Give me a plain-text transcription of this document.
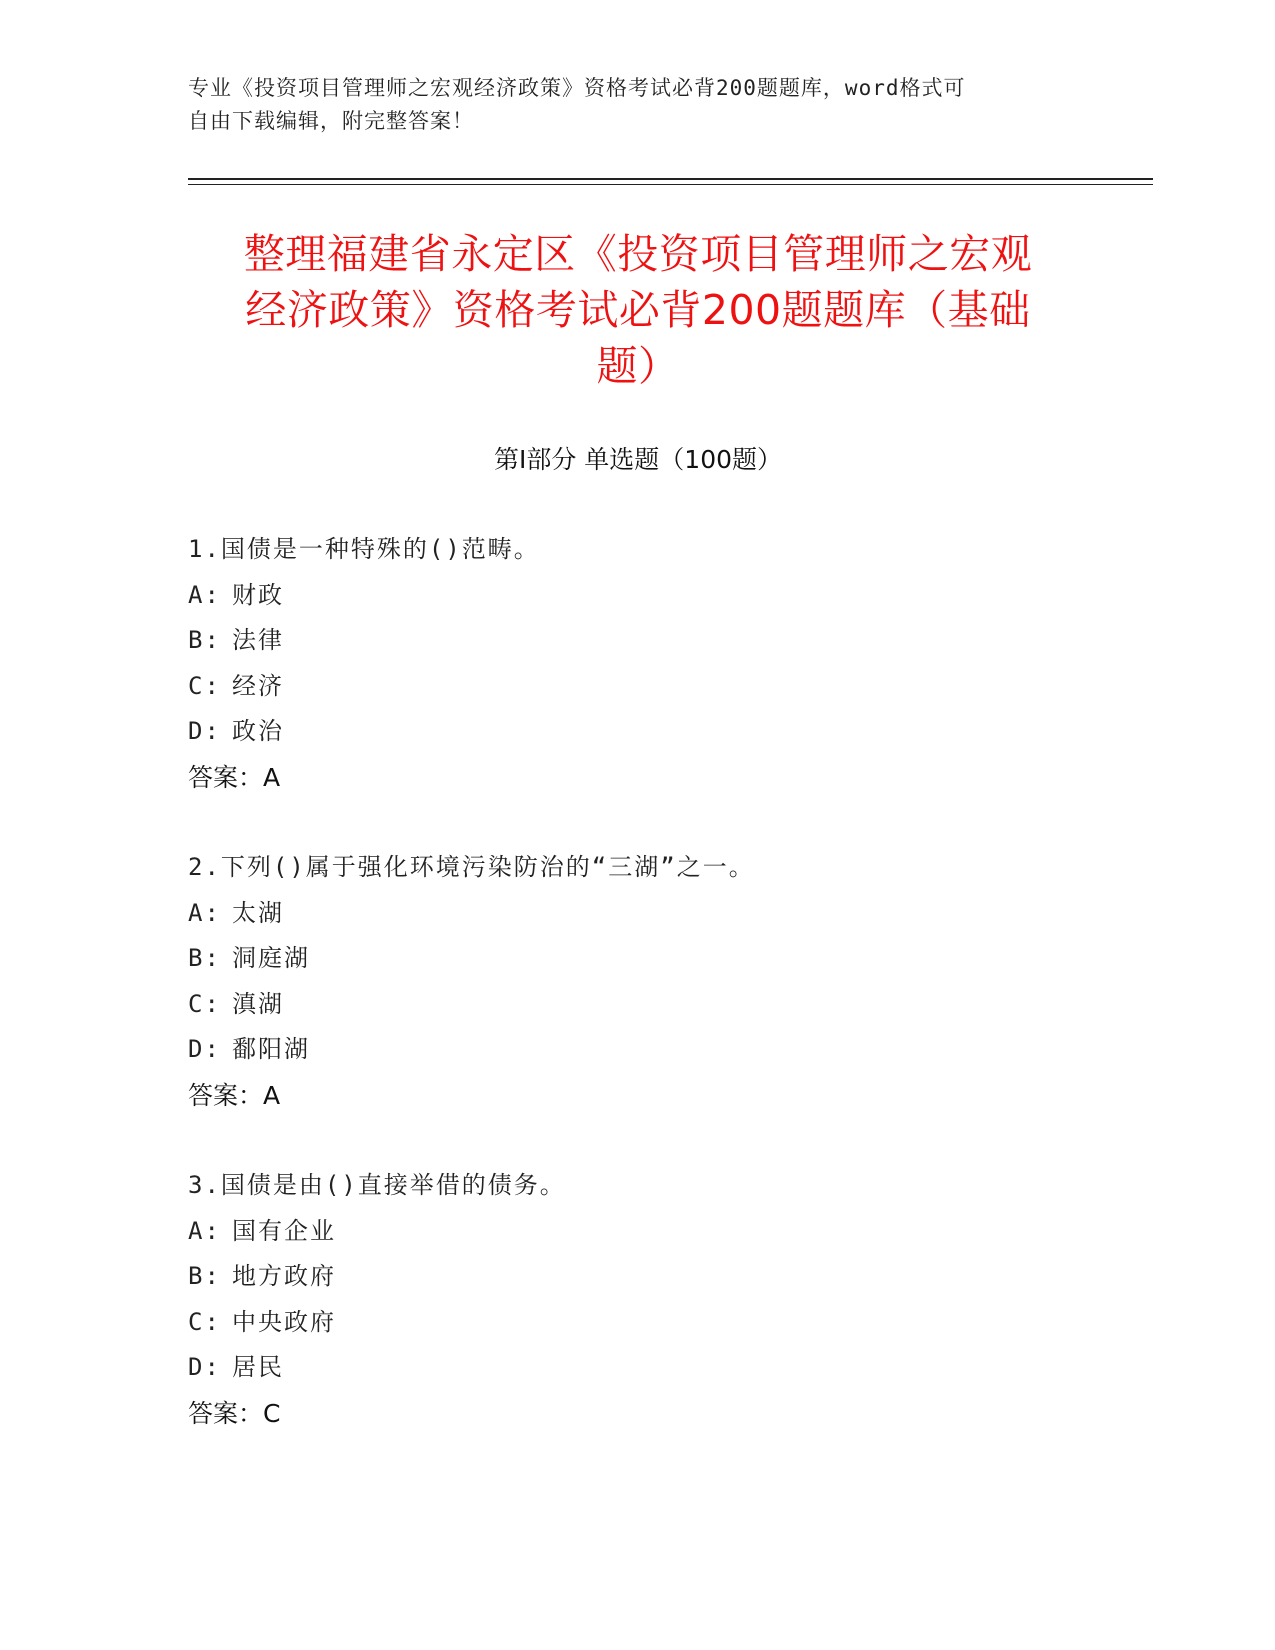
专业《投资项目管理师之宏观经济政策》资格考试必背200题题库，word格式可
自由下载编辑，附完整答案！
整理福建省永定区《投资项目管理师之宏观
经济政策》资格考试必背200题题库（基础
题）
第Ⅰ部分 单选题（100题）
1.国债是一种特殊的()范畴。
A: 财政
B: 法律
C: 经济
D: 政治
答案：A
2.下列()属于强化环境污染防治的“三湖”之一。
A: 太湖
B: 洞庭湖
C: 滇湖
D: 鄱阳湖
答案：A
3.国债是由()直接举借的债务。
A: 国有企业
B: 地方政府
C: 中央政府
D: 居民
答案：C
